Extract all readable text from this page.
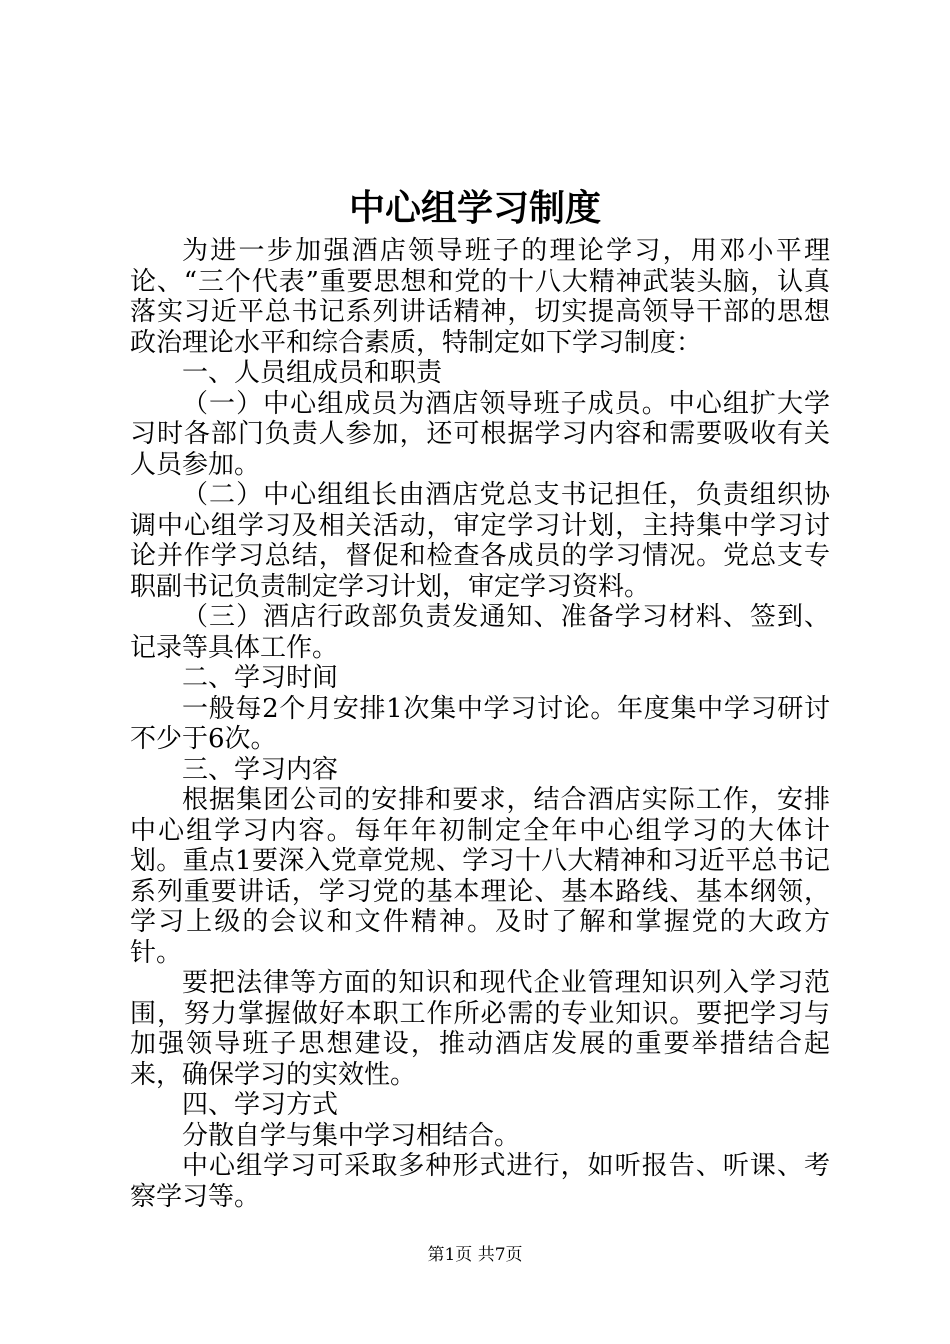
中心组学习制度

为进一步加强酒店领导班子的理论学习，用邓小平理论、“三个代表”重要思想和党的十八大精神武装头脑，认真落实习近平总书记系列讲话精神，切实提高领导干部的思想政治理论水平和综合素质，特制定如下学习制度：

一、人员组成员和职责

（一）中心组成员为酒店领导班子成员。中心组扩大学习时各部门负责人参加，还可根据学习内容和需要吸收有关人员参加。

（二）中心组组长由酒店党总支书记担任，负责组织协调中心组学习及相关活动，审定学习计划，主持集中学习讨论并作学习总结，督促和检查各成员的学习情况。党总支专职副书记负责制定学习计划，审定学习资料。

（三）酒店行政部负责发通知、准备学习材料、签到、记录等具体工作。

二、学习时间

一般每2个月安排1次集中学习讨论。年度集中学习研讨不少于6次。

三、学习内容

根据集团公司的安排和要求，结合酒店实际工作，安排中心组学习内容。每年年初制定全年中心组学习的大体计划。重点1要深入党章党规、学习十八大精神和习近平总书记系列重要讲话，学习党的基本理论、基本路线、基本纲领，学习上级的会议和文件精神。及时了解和掌握党的大政方针。

要把法律等方面的知识和现代企业管理知识列入学习范围，努力掌握做好本职工作所必需的专业知识。要把学习与加强领导班子思想建设，推动酒店发展的重要举措结合起来，确保学习的实效性。

四、学习方式

分散自学与集中学习相结合。

中心组学习可采取多种形式进行，如听报告、听课、考察学习等。

第1页 共7页
